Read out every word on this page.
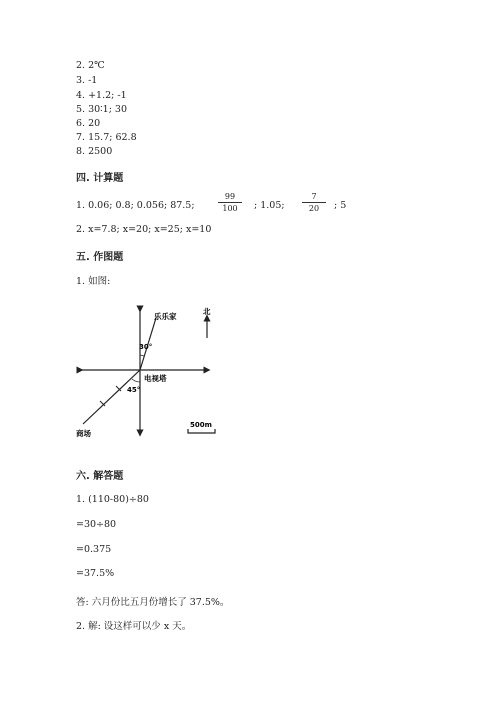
2. 2℃
3. -1
4. +1.2; -1
5. 30∶1; 30
6. 20
7. 15.7; 62.8
8. 2500
四. 计算题
1. 0.06; 0.8; 0.056; 87.5;
99
100	; 1.05;
7
20	; 5
2. x=7.8; x=20; x=25; x=10
五. 作图题
1. 如图:
乐乐家
北
30°
电视塔
45°
商场
500m
六. 解答题
1. (110-80)÷80
=30÷80
=0.375
=37.5%
答: 六月份比五月份增长了 37.5%。
2. 解: 设这样可以少 x 天。
